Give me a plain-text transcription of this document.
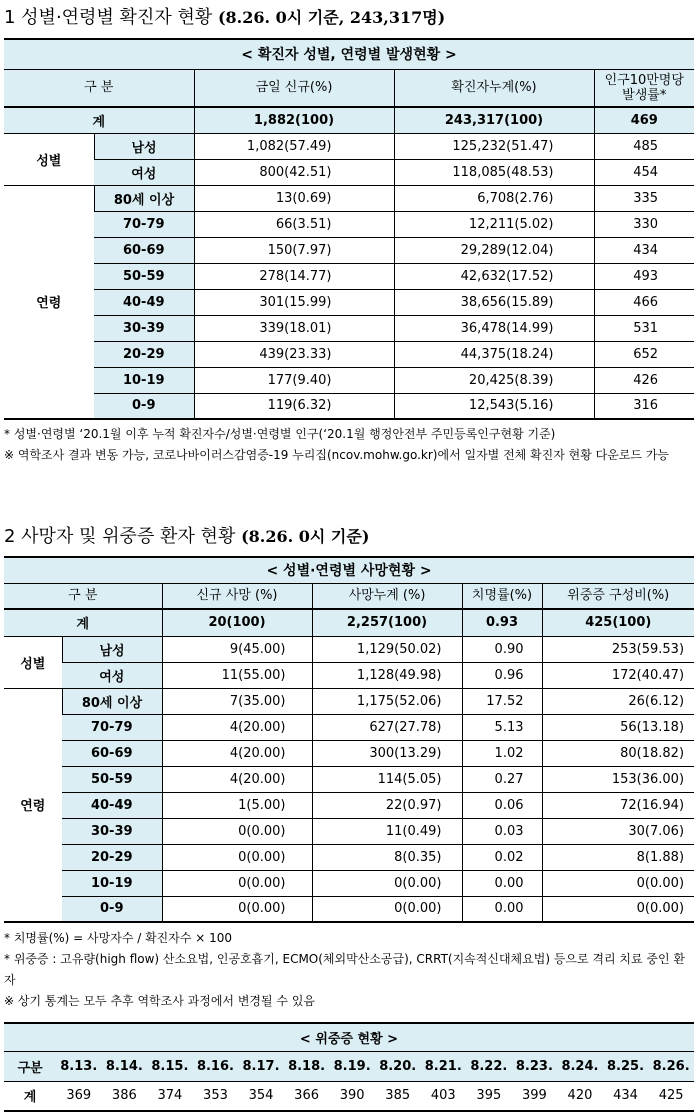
1 성별·연령별 확진자 현황 (8.26. 0시 기준, 243,317명)
< 확진자 성별, 연령별 발생현황 >				
구 분		금일 신규(%)	확진자누계(%)	인구10만명당
발생률*
계		1,882(100)	243,317(100)	469
성별	남성	1,082(57.49)	125,232(51.47)	485
	여성	800(42.51)	118,085(48.53)	454
연령	80세 이상	13(0.69)	6,708(2.76)	335
	70-79	66(3.51)	12,211(5.02)	330
	60-69	150(7.97)	29,289(12.04)	434
	50-59	278(14.77)	42,632(17.52)	493
	40-49	301(15.99)	38,656(15.89)	466
	30-39	339(18.01)	36,478(14.99)	531
	20-29	439(23.33)	44,375(18.24)	652
	10-19	177(9.40)	20,425(8.39)	426
	0-9	119(6.32)	12,543(5.16)	316
* 성별·연령별 ‘20.1월 이후 누적 확진자수/성별·연령별 인구(‘20.1월 행정안전부 주민등록인구현황 기준)
※ 역학조사 결과 변동 가능, 코로나바이러스감염증-19 누리집(ncov.mohw.go.kr)에서 일자별 전체 확진자 현황 다운로드 가능
2 사망자 및 위중증 환자 현황 (8.26. 0시 기준)
< 성별·연령별 사망현황 >					
구 분		신규 사망 (%)	사망누계 (%)	치명률(%)	위중증 구성비(%)
계		20(100)	2,257(100)	0.93	425(100)
성별	남성	9(45.00)	1,129(50.02)	0.90	253(59.53)
	여성	11(55.00)	1,128(49.98)	0.96	172(40.47)
연령	80세 이상	7(35.00)	1,175(52.06)	17.52	26(6.12)
	70-79	4(20.00)	627(27.78)	5.13	56(13.18)
	60-69	4(20.00)	300(13.29)	1.02	80(18.82)
	50-59	4(20.00)	114(5.05)	0.27	153(36.00)
	40-49	1(5.00)	22(0.97)	0.06	72(16.94)
	30-39	0(0.00)	11(0.49)	0.03	30(7.06)
	20-29	0(0.00)	8(0.35)	0.02	8(1.88)
	10-19	0(0.00)	0(0.00)	0.00	0(0.00)
	0-9	0(0.00)	0(0.00)	0.00	0(0.00)
* 치명률(%) = 사망자수 / 확진자수 × 100
* 위중증 : 고유량(high flow) 산소요법, 인공호흡기, ECMO(체외막산소공급), CRRT(지속적신대체요법) 등으로 격리 치료 중인 환자
※ 상기 통계는 모두 추후 역학조사 과정에서 변경될 수 있음
< 위중증 현황 >														
구분	8.13.	8.14.	8.15.	8.16.	8.17.	8.18.	8.19.	8.20.	8.21.	8.22.	8.23.	8.24.	8.25.	8.26.
계	369	386	374	353	354	366	390	385	403	395	399	420	434	425
